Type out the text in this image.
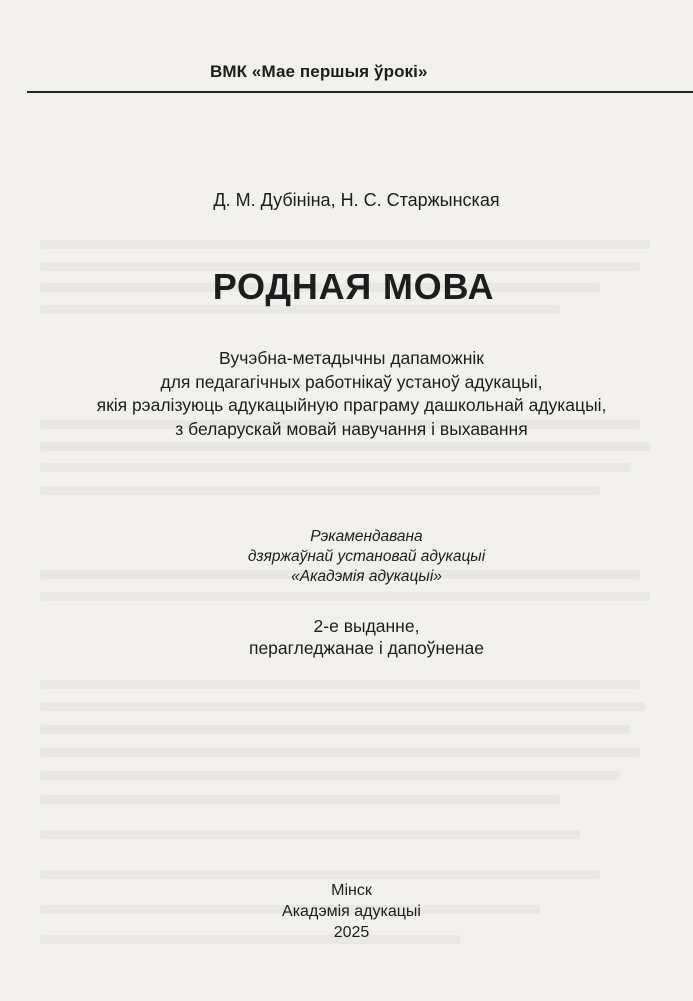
ВМК «Мае першыя ўрокі»
Д. М. Дубініна, Н. С. Старжынская
РОДНАЯ МОВА
Вучэбна-метадычны дапаможнік
для педагагічных работнікаў устаноў адукацыі,
якія рэалізуюць адукацыйную праграму дашкольнай адукацыі,
з беларускай мовай навучання і выхавання
Рэкамендавана
дзяржаўнай установай адукацыі
«Акадэмія адукацыі»
2-е выданне,
перагледжанае і дапоўненае
Мінск
Акадэмія адукацыі
2025
